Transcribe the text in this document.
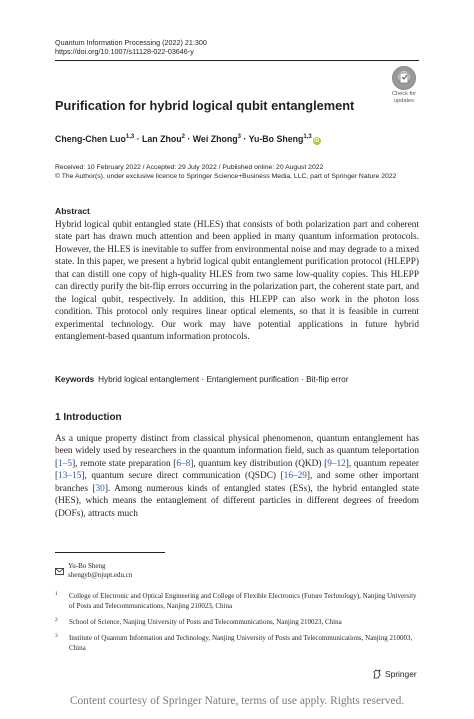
Quantum Information Processing (2022) 21:300
https://doi.org/10.1007/s11128-022-03646-y
Check for
updates
Purification for hybrid logical qubit entanglement
Cheng-Chen Luo$^{1,3}$ · Lan Zhou$^2$ · Wei Zhong$^3$ · Yu-Bo Sheng$^{1,3}$iD
Received: 10 February 2022 / Accepted: 29 July 2022 / Published online: 20 August 2022
© The Author(s), under exclusive licence to Springer Science+Business Media, LLC, part of Springer Nature 2022
Abstract

Hybrid logical qubit entangled state (HLES) that consists of both polarization part and coherent state part has drawn much attention and been applied in many quantum information protocols. However, the HLES is inevitable to suffer from environmental noise and may degrade to a mixed state. In this paper, we present a hybrid logical qubit entanglement purification protocol (HLEPP) that can distill one copy of high-quality HLES from two same low-quality copies. This HLEPP can directly purify the bit-flip errors occurring in the polarization part, the coherent state part, and the logical qubit, respectively. In addition, this HLEPP can also work in the photon loss condition. This protocol only requires linear optical elements, so that it is feasible in current experimental technology. Our work may have potential applications in future hybrid entanglement-based quantum information protocols.

Keywords Hybrid logical entanglement · Entanglement purification · Bit-flip error
1 Introduction

As a unique property distinct from classical physical phenomenon, quantum entanglement has been widely used by researchers in the quantum information field, such as quantum teleportation [1–5], remote state preparation [6–8], quantum key distribution (QKD) [9–12], quantum repeater [13–15], quantum secure direct communication (QSDC) [16–29], and some other important branches [30]. Among numerous kinds of entangled states (ESs), the hybrid entangled state (HES), which means the entanglement of different particles in different degrees of freedom (DOFs), attracts much

Yu-Bo Sheng
shengyb@njupt.edu.cn
1 College of Electronic and Optical Engineering and College of Flexible Electronics (Future Technology), Nanjing University of Posts and Telecommunications, Nanjing 210023, China
2 School of Science, Nanjing University of Posts and Telecommunications, Nanjing 210023, China
3 Institute of Quantum Information and Technology, Nanjing University of Posts and Telecommunications, Nanjing 210003, China
Springer
Content courtesy of Springer Nature, terms of use apply. Rights reserved.
